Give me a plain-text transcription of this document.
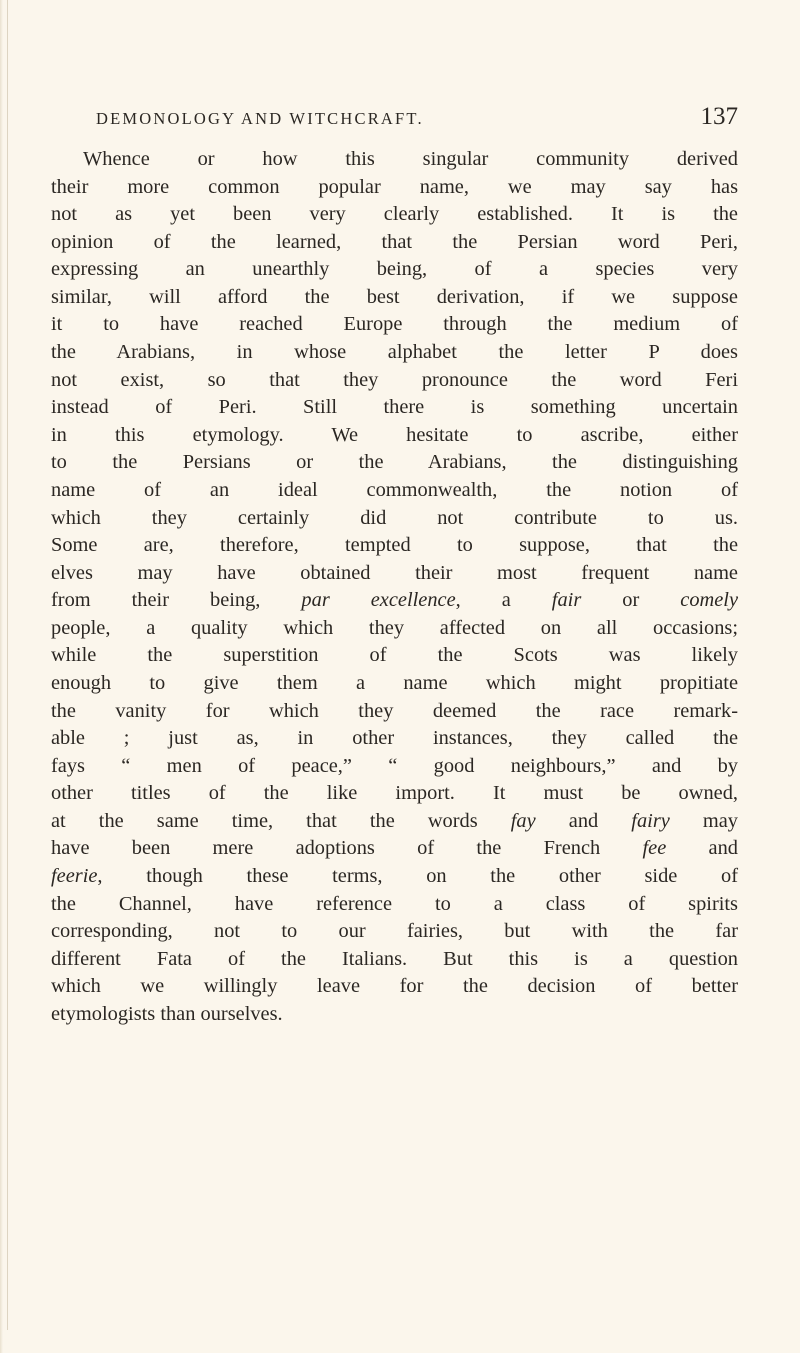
DEMONOLOGY AND WITCHCRAFT.	137
Whence or how this singular community derived
their more common popular name, we may say has
not as yet been very clearly established. It is the
opinion of the learned, that the Persian word Peri,
expressing an unearthly being, of a species very
similar, will afford the best derivation, if we suppose
it to have reached Europe through the medium of
the Arabians, in whose alphabet the letter P does
not exist, so that they pronounce the word Feri
instead of Peri. Still there is something uncertain
in this etymology. We hesitate to ascribe, either
to the Persians or the Arabians, the distinguishing
name of an ideal commonwealth, the notion of
which they certainly did not contribute to us.
Some are, therefore, tempted to suppose, that the
elves may have obtained their most frequent name
from their being, par excellence, a fair or comely
people, a quality which they affected on all occasions;
while the superstition of the Scots was likely
enough to give them a name which might propitiate
the vanity for which they deemed the race remark-
able ; just as, in other instances, they called the
fays “ men of peace,” “ good neighbours,” and by
other titles of the like import. It must be owned,
at the same time, that the words fay and fairy may
have been mere adoptions of the French fee and
feerie, though these terms, on the other side of
the Channel, have reference to a class of spirits
corresponding, not to our fairies, but with the far
different Fata of the Italians. But this is a question
which we willingly leave for the decision of better
etymologists than ourselves.
